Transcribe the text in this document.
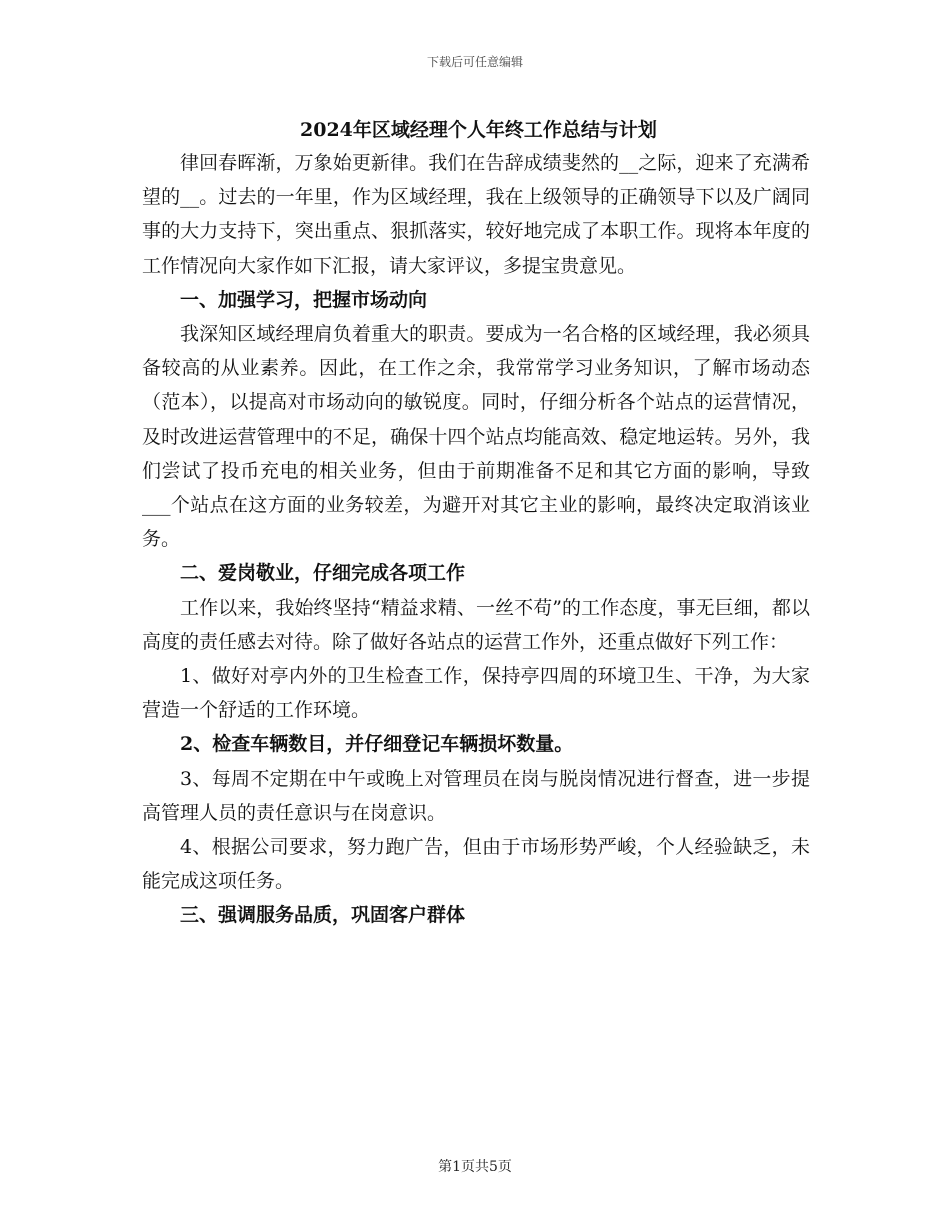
下载后可任意编辑
2024年区域经理个人年终工作总结与计划

律回春晖渐，万象始更新律。我们在告辞成绩斐然的__之际，迎来了充满希望的__。过去的一年里，作为区域经理，我在上级领导的正确领导下以及广阔同事的大力支持下，突出重点、狠抓落实，较好地完成了本职工作。现将本年度的工作情况向大家作如下汇报，请大家评议，多提宝贵意见。

一、加强学习，把握市场动向

我深知区域经理肩负着重大的职责。要成为一名合格的区域经理，我必须具备较高的从业素养。因此，在工作之余，我常常学习业务知识，了解市场动态（范本），以提高对市场动向的敏锐度。同时，仔细分析各个站点的运营情况，及时改进运营管理中的不足，确保十四个站点均能高效、稳定地运转。另外，我们尝试了投币充电的相关业务，但由于前期准备不足和其它方面的影响，导致___个站点在这方面的业务较差，为避开对其它主业的影响，最终决定取消该业务。

二、爱岗敬业，仔细完成各项工作

工作以来，我始终坚持“精益求精、一丝不苟”的工作态度，事无巨细，都以高度的责任感去对待。除了做好各站点的运营工作外，还重点做好下列工作：

1、做好对亭内外的卫生检查工作，保持亭四周的环境卫生、干净，为大家营造一个舒适的工作环境。

2、检查车辆数目，并仔细登记车辆损坏数量。

3、每周不定期在中午或晚上对管理员在岗与脱岗情况进行督查，进一步提高管理人员的责任意识与在岗意识。

4、根据公司要求，努力跑广告，但由于市场形势严峻，个人经验缺乏，未能完成这项任务。

三、强调服务品质，巩固客户群体

第1页共5页
